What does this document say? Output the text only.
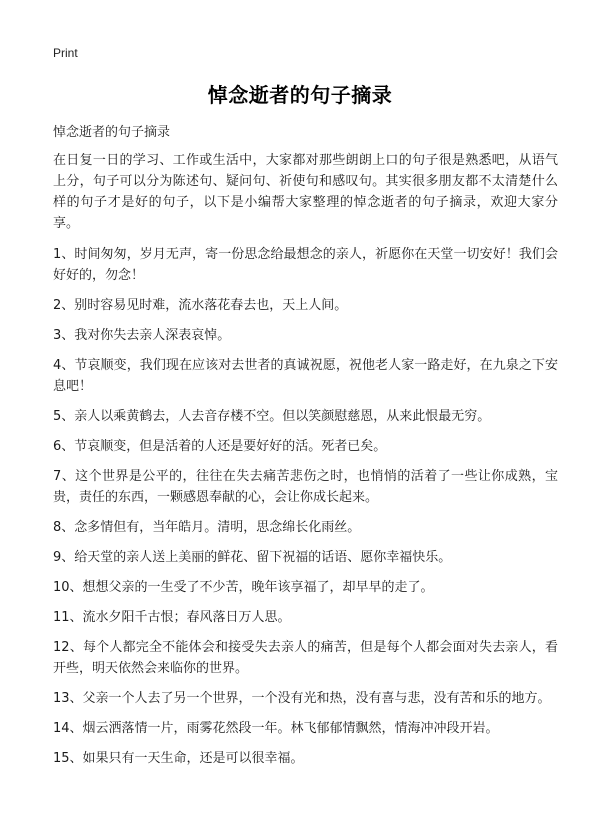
Print
悼念逝者的句子摘录
悼念逝者的句子摘录

在日复一日的学习、工作或生活中，大家都对那些朗朗上口的句子很是熟悉吧，从语气上分，句子可以分为陈述句、疑问句、祈使句和感叹句。其实很多朋友都不太清楚什么样的句子才是好的句子，以下是小编帮大家整理的悼念逝者的句子摘录，欢迎大家分享。

1、时间匆匆，岁月无声，寄一份思念给最想念的亲人，祈愿你在天堂一切安好！我们会好好的，勿念！

2、别时容易见时难，流水落花春去也，天上人间。

3、我对你失去亲人深表哀悼。

4、节哀顺变，我们现在应该对去世者的真诚祝愿，祝他老人家一路走好，在九泉之下安息吧！

5、亲人以乘黄鹤去，人去音存楼不空。但以笑颜慰慈恩，从来此恨最无穷。

6、节哀顺变，但是活着的人还是要好好的活。死者已矣。

7、这个世界是公平的，往往在失去痛苦悲伤之时，也悄悄的活着了一些让你成熟，宝贵，责任的东西，一颗感恩奉献的心，会让你成长起来。

8、念多情但有，当年皓月。清明，思念绵长化雨丝。

9、给天堂的亲人送上美丽的鲜花、留下祝福的话语、愿你幸福快乐。

10、想想父亲的一生受了不少苦，晚年该享福了，却早早的走了。

11、流水夕阳千古恨；春风落日万人思。

12、每个人都完全不能体会和接受失去亲人的痛苦，但是每个人都会面对失去亲人，看开些，明天依然会来临你的世界。

13、父亲一个人去了另一个世界，一个没有光和热，没有喜与悲，没有苦和乐的地方。

14、烟云洒落情一片，雨雾花然段一年。林飞郁郁情飘然，情海冲冲段开岩。

15、如果只有一天生命，还是可以很幸福。
